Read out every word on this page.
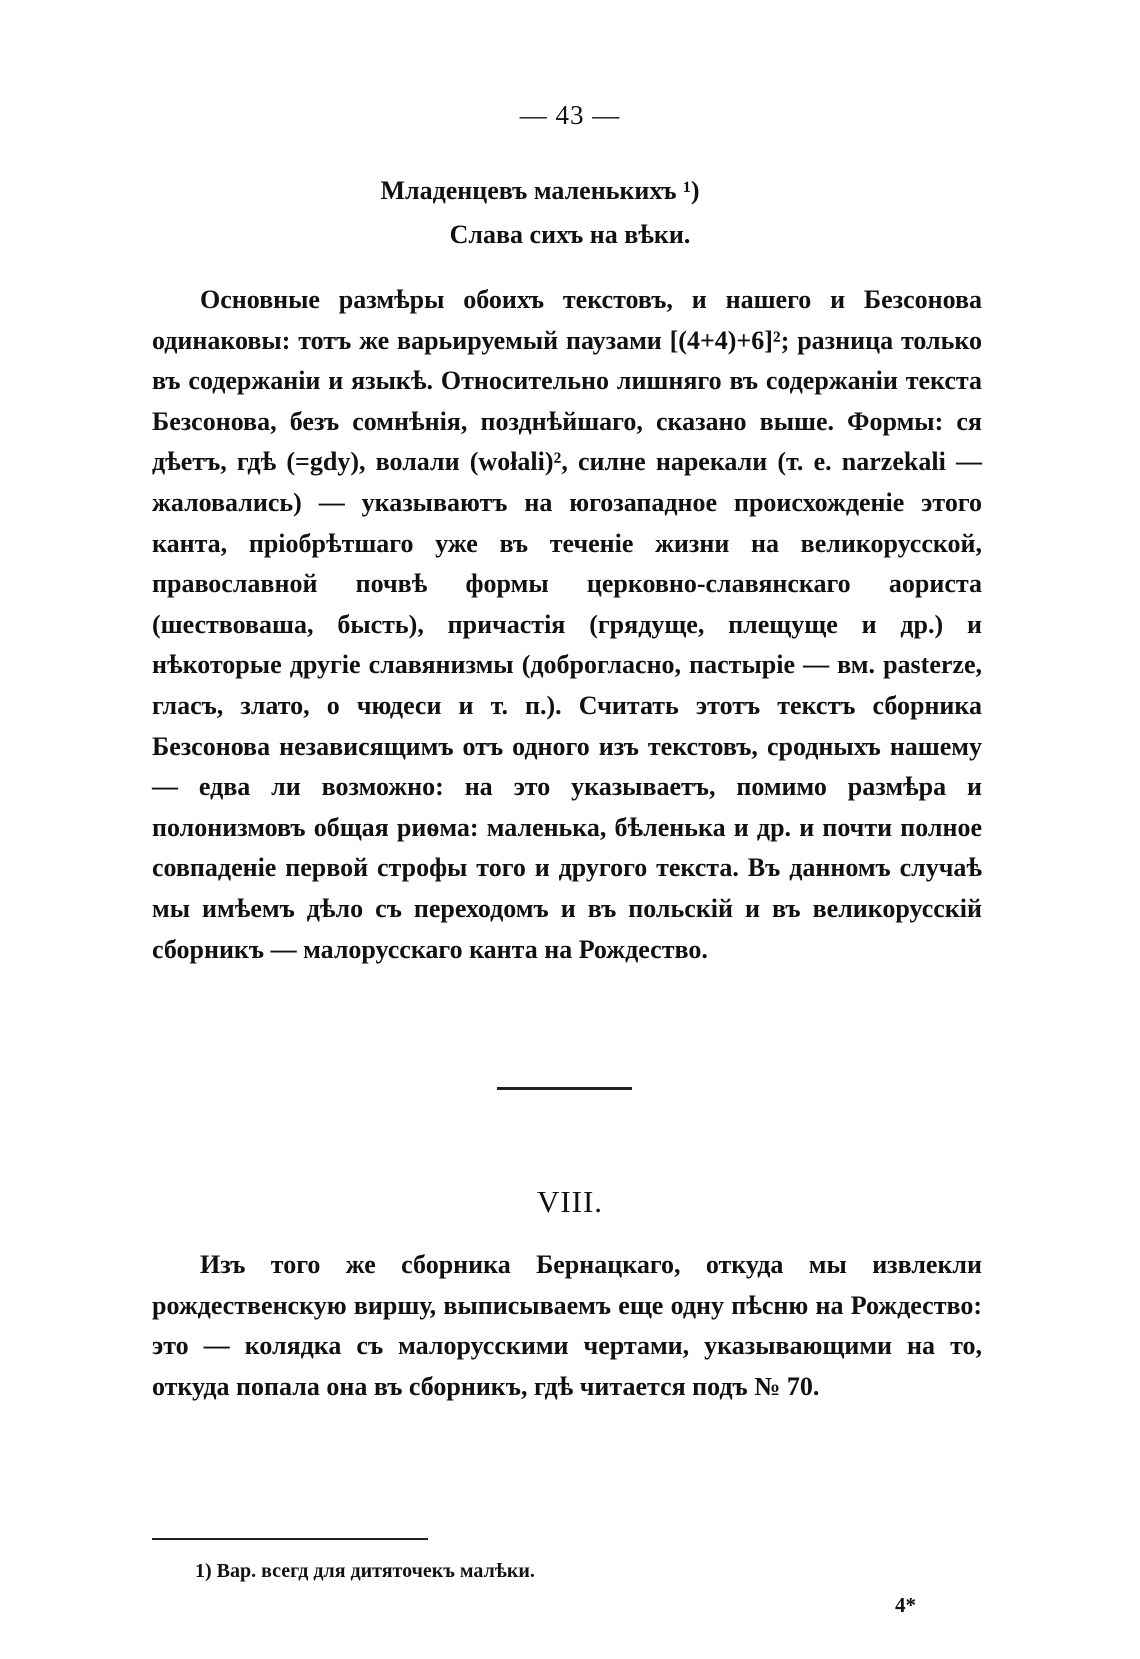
— 43 —
Младенцевъ маленькихъ ¹)
Слава сихъ на вѣки.
Основные размѣры обоихъ текстовъ, и нашего и Безсонова одинаковы: тотъ же варьируемый паузами [(4+4)+6]²; разница только въ содержаніи и языкѣ. Относительно лишняго въ содержаніи текста Безсонова, безъ сомнѣнія, позднѣйшаго, сказано выше. Формы: ся дѣетъ, гдѣ (=gdy), волали (wołali)², силне нарекали (т. е. narzekali — жаловались) — указываютъ на югозападное происхожденіе этого канта, пріобрѣтшаго уже въ теченіе жизни на великорусской, православной почвѣ формы церковно-славянскаго аориста (шествоваша, бысть), причастія (грядуще, плещуще и др.) и нѣкоторые другіе славянизмы (доброгласно, пастыріе — вм. pasterze, гласъ, злато, о чюдеси и т. п.). Считать этотъ текстъ сборника Безсонова независящимъ отъ одного изъ текстовъ, сродныхъ нашему — едва ли возможно: на это указываетъ, помимо размѣра и полонизмовъ общая риѳма: маленька, бѣленька и др. и почти полное совпаденіе первой строфы того и другого текста. Въ данномъ случаѣ мы имѣемъ дѣло съ переходомъ и въ польскій и въ великорусскій сборникъ — малорусскаго канта на Рождество.
VIII.
Изъ того же сборника Бернацкаго, откуда мы извлекли рождественскую виршу, выписываемъ еще одну пѣсню на Рождество: это — колядка съ малорусскими чертами, указывающими на то, откуда попала она въ сборникъ, гдѣ читается подъ № 70.
1) Вар. всегд для дитяточекъ малѣки.
4*
